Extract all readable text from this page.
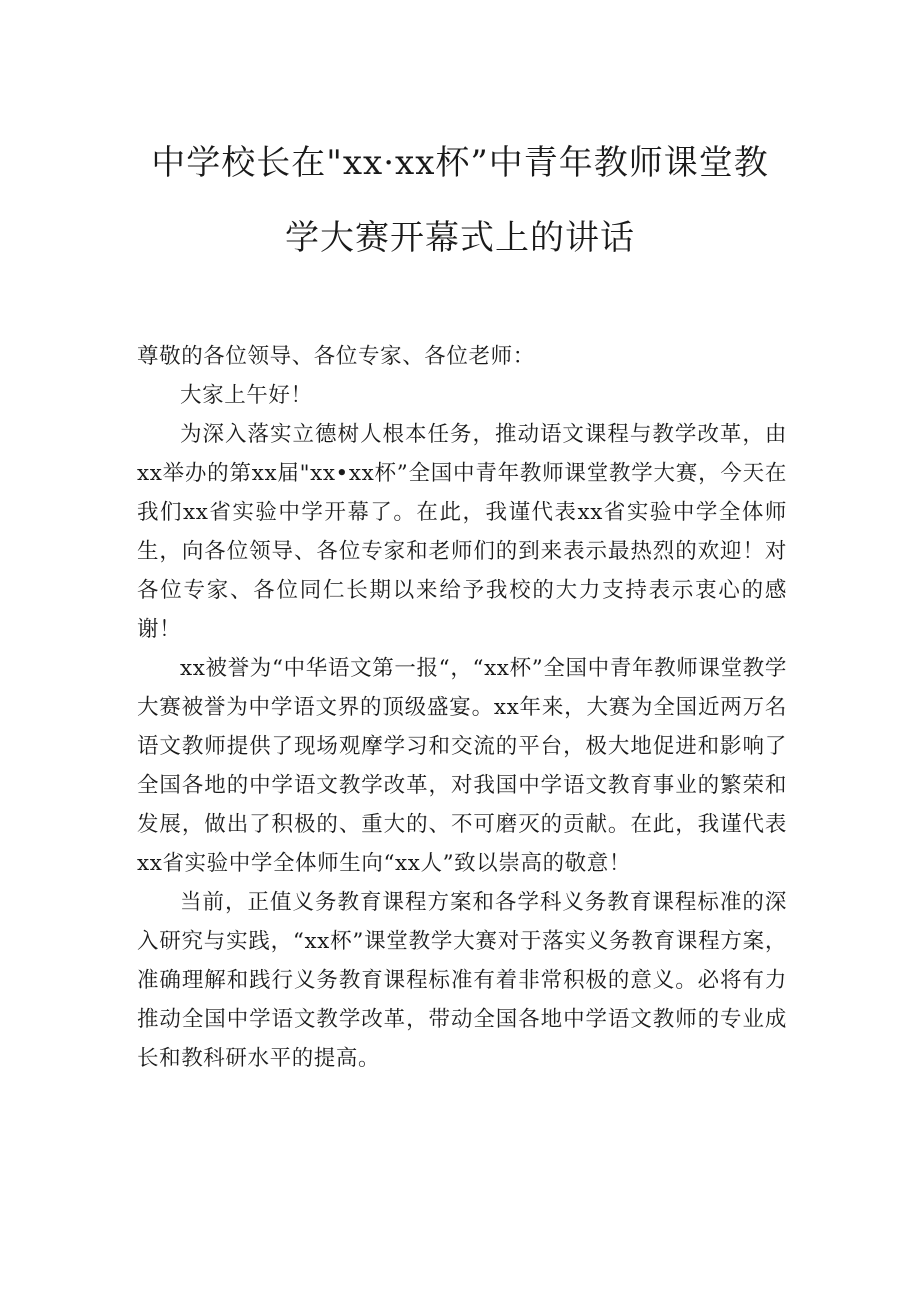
中学校长在"xx·xx杯”中青年教师课堂教
学大赛开幕式上的讲话

尊敬的各位领导、各位专家、各位老师：

大家上午好！

为深入落实立德树人根本任务，推动语文课程与教学改革，由xx举办的第xx届"xx•xx杯”全国中青年教师课堂教学大赛，今天在我们xx省实验中学开幕了。在此，我谨代表xx省实验中学全体师生，向各位领导、各位专家和老师们的到来表示最热烈的欢迎！对各位专家、各位同仁长期以来给予我校的大力支持表示衷心的感谢！

xx被誉为“中华语文第一报“，“xx杯”全国中青年教师课堂教学大赛被誉为中学语文界的顶级盛宴。xx年来，大赛为全国近两万名语文教师提供了现场观摩学习和交流的平台，极大地促进和影响了全国各地的中学语文教学改革，对我国中学语文教育事业的繁荣和发展，做出了积极的、重大的、不可磨灭的贡献。在此，我谨代表xx省实验中学全体师生向“xx人”致以崇高的敬意！

当前，正值义务教育课程方案和各学科义务教育课程标准的深入研究与实践，“xx杯”课堂教学大赛对于落实义务教育课程方案，准确理解和践行义务教育课程标准有着非常积极的意义。必将有力推动全国中学语文教学改革，带动全国各地中学语文教师的专业成长和教科研水平的提高。
